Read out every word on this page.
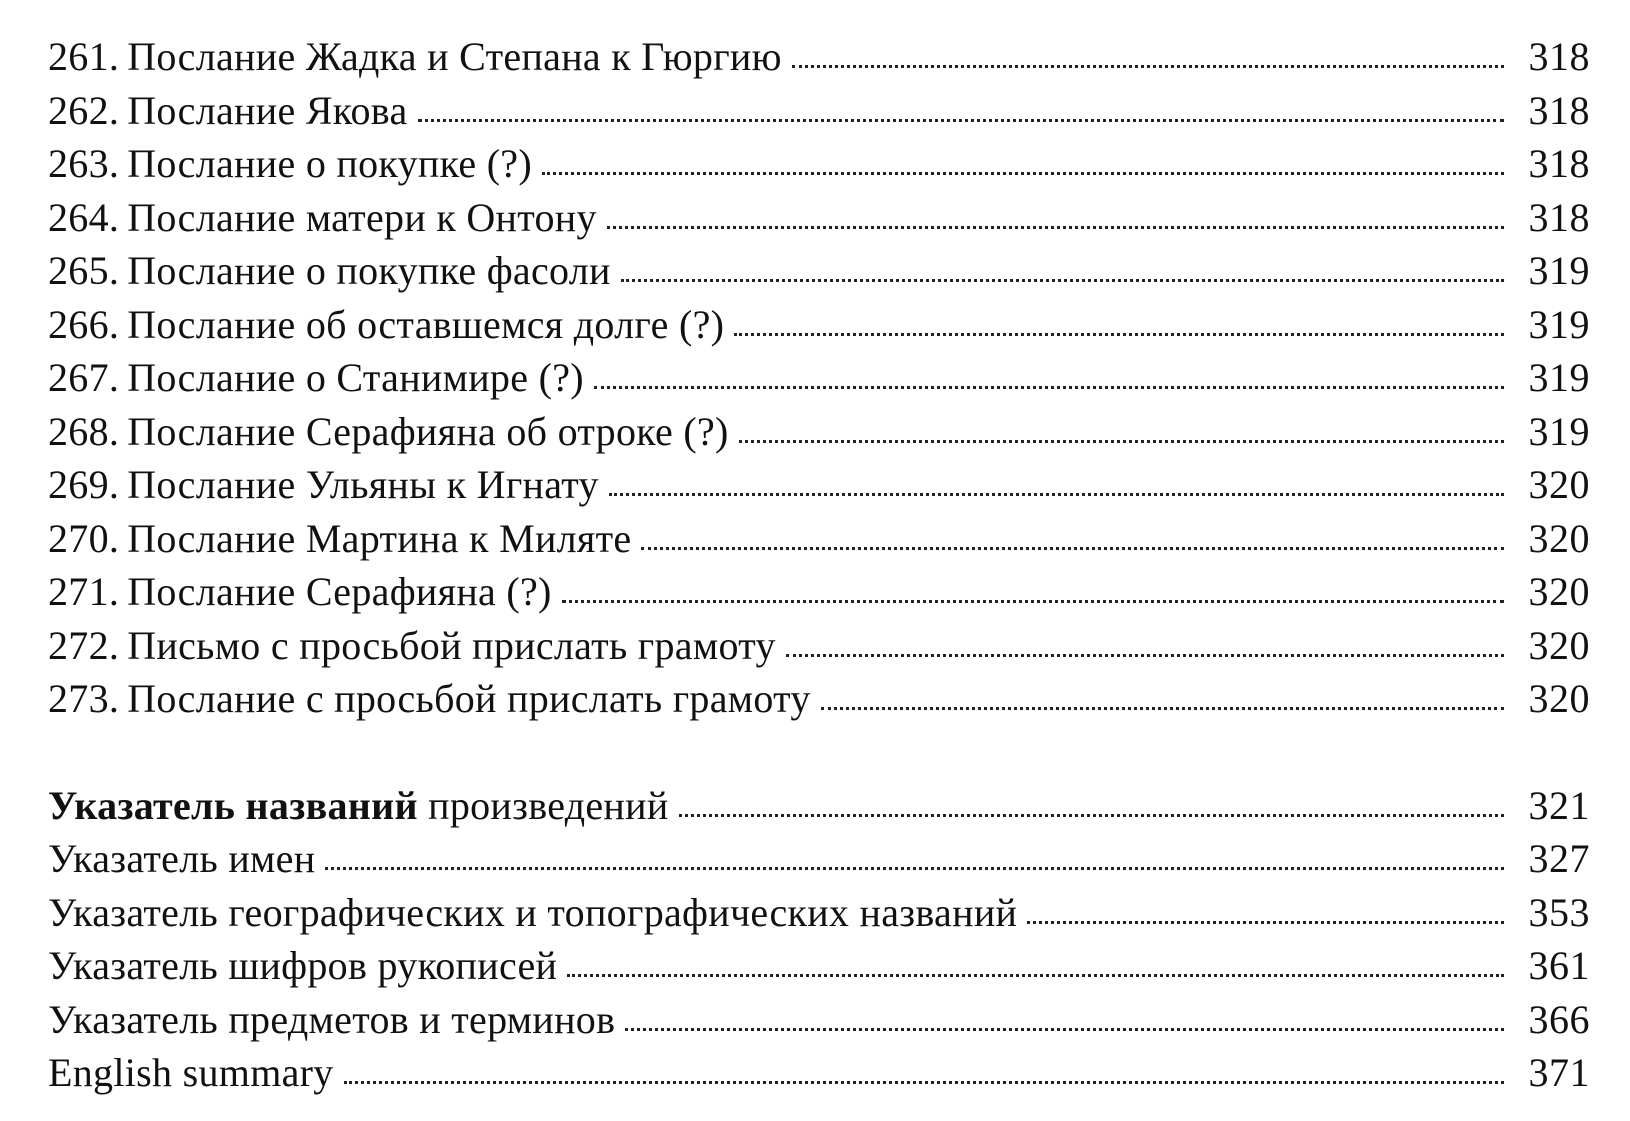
261. Послание Жадка и Степана к Гюргию	318
262. Послание Якова	318
263. Послание о покупке (?)	318
264. Послание матери к Онтону	318
265. Послание о покупке фасоли	319
266. Послание об оставшемся долге (?)	319
267. Послание о Станимире (?)	319
268. Послание Серафияна об отроке (?)	319
269. Послание Ульяны к Игнату	320
270. Послание Мартина к Миляте	320
271. Послание Серафияна (?)	320
272. Письмо с просьбой прислать грамоту	320
273. Послание с просьбой прислать грамоту	320
Указатель названий произведений	321
Указатель имен	327
Указатель географических и топографических названий	353
Указатель шифров рукописей	361
Указатель предметов и терминов	366
English summary	371
